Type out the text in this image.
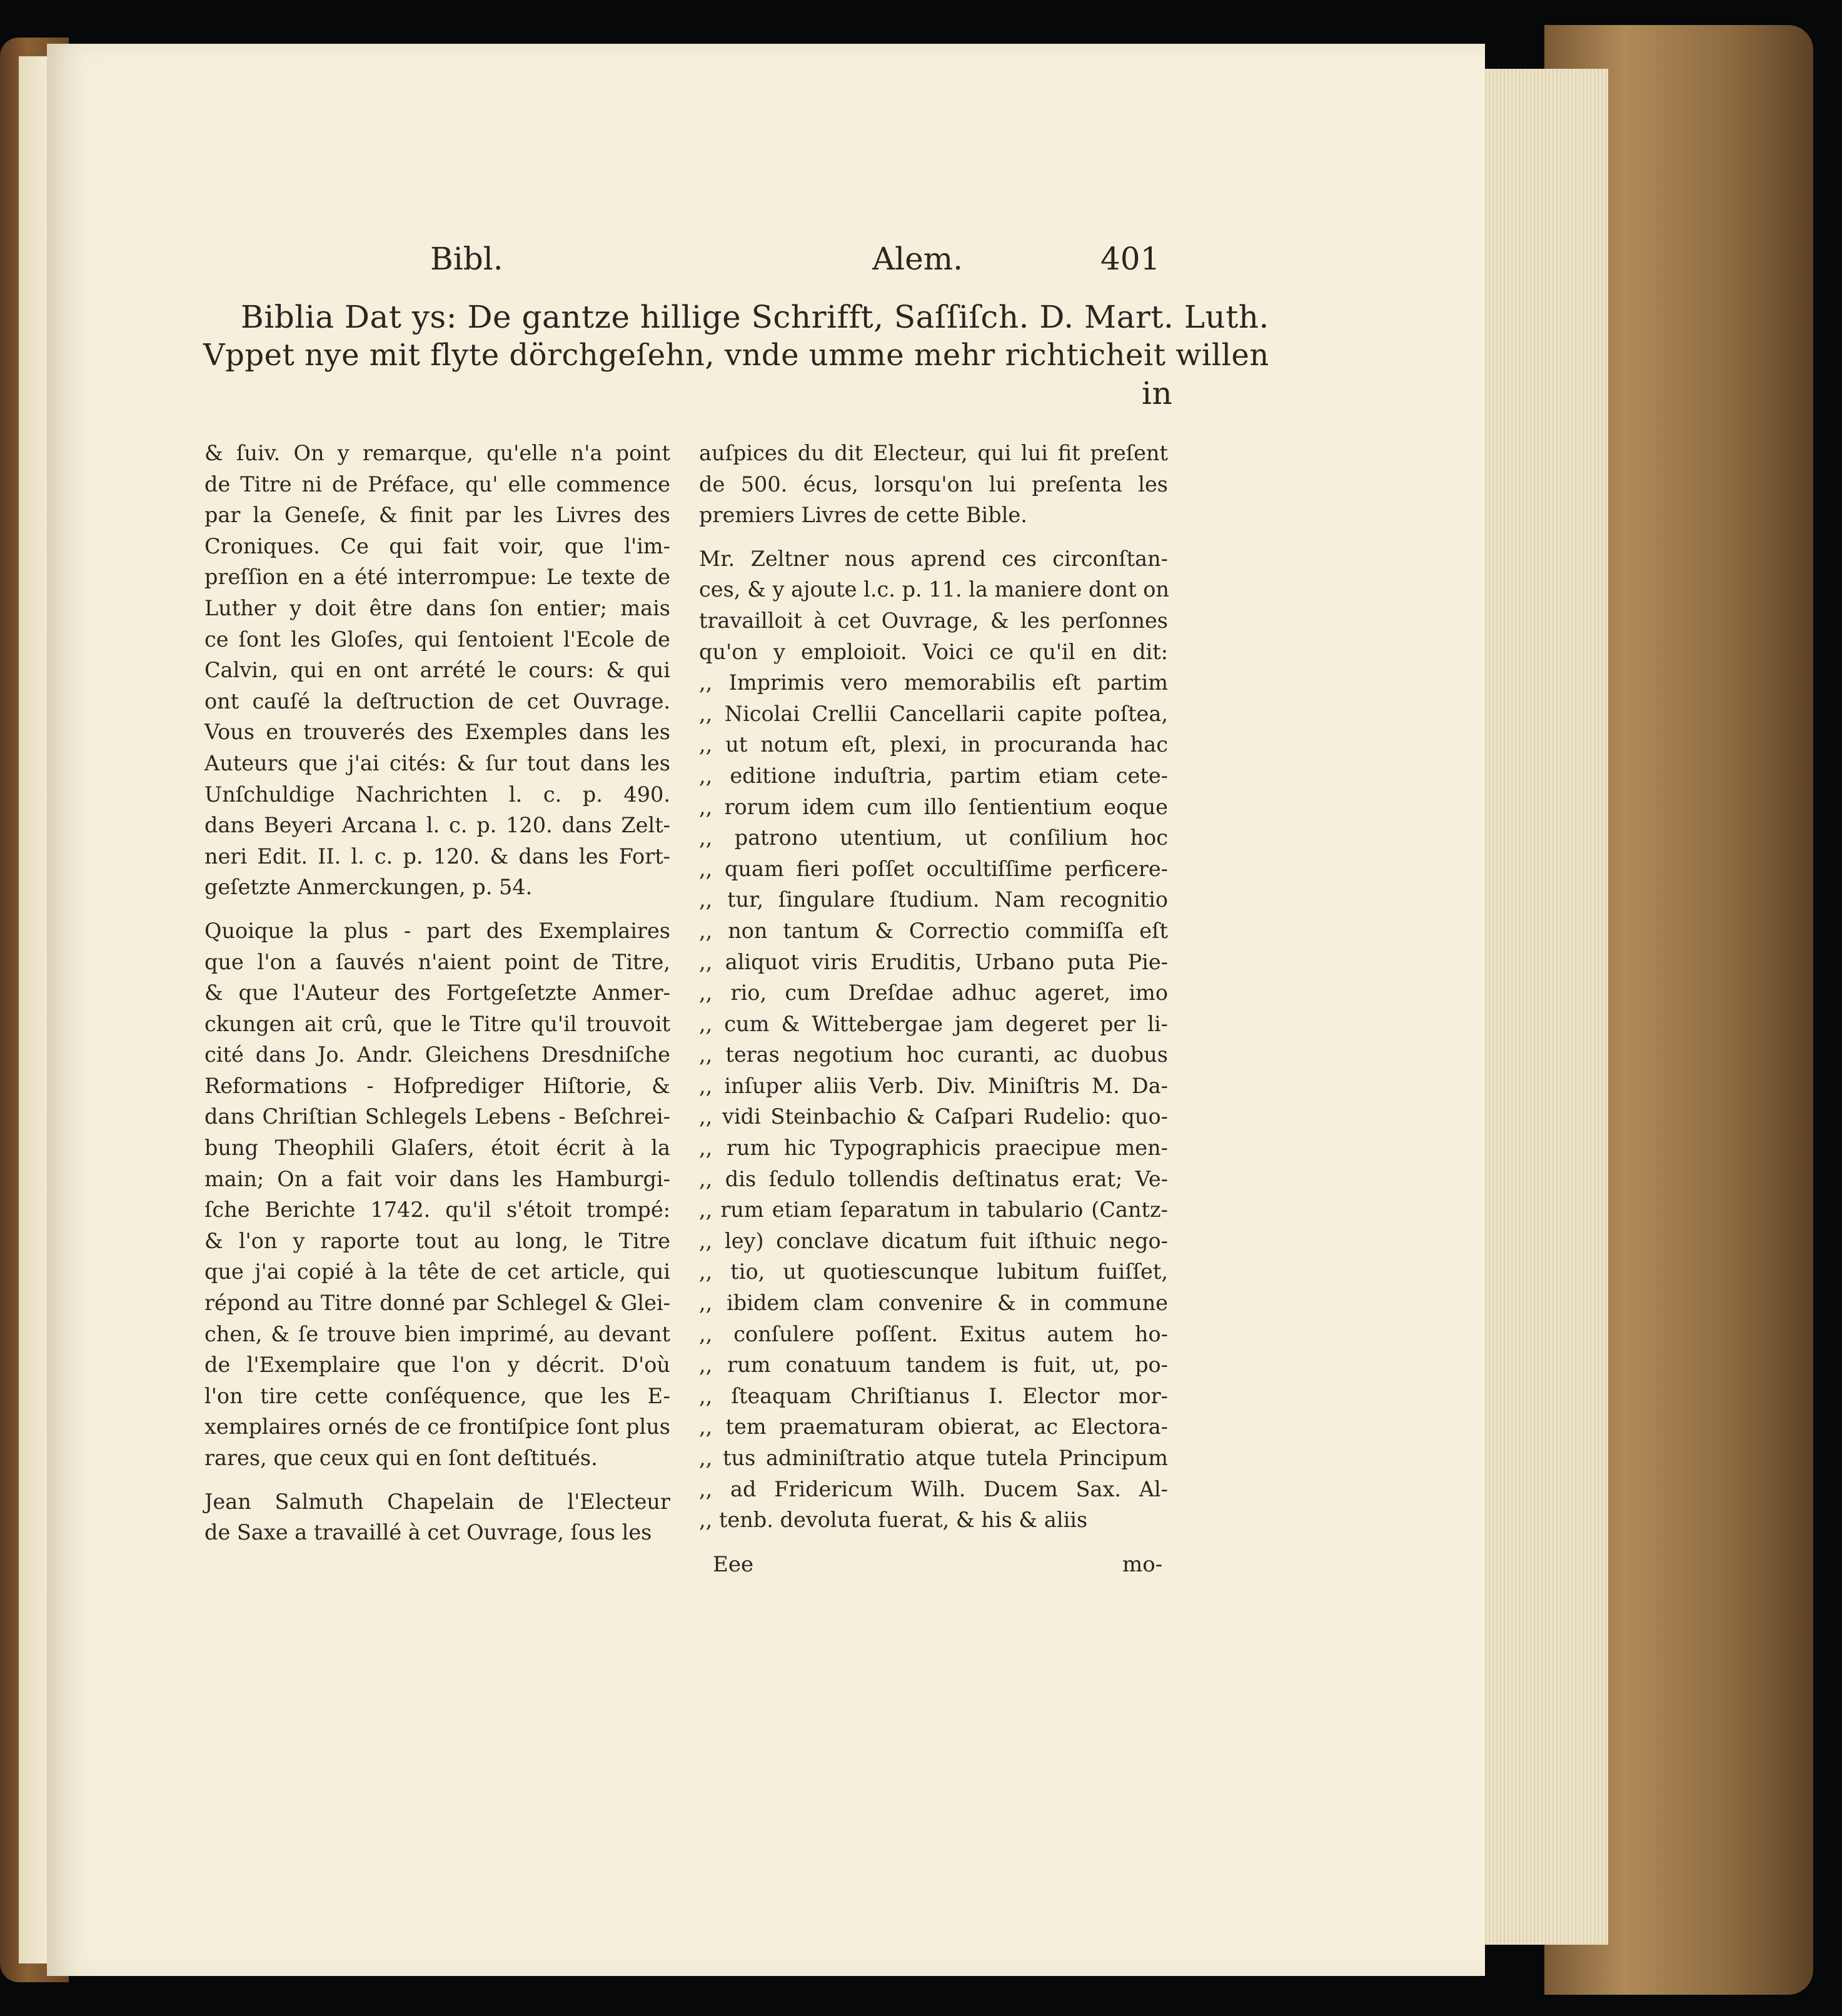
Bibl.	Alem.	401
Biblia Dat ys: De gantze hillige Schrifft, Saſſiſch. D. Mart. Luth.
Vppet nye mit flyte dörchgeſehn, vnde umme mehr richticheit willen
in
& ſuiv. On y remarque, qu'elle n'a point
de Titre ni de Préface, qu' elle commence
par la Geneſe, & finit par les Livres des
Croniques. Ce qui fait voir, que l'im-
preſſion en a été interrompue: Le texte de
Luther y doit être dans ſon entier; mais
ce ſont les Gloſes, qui ſentoient l'Ecole de
Calvin, qui en ont arrété le cours: & qui
ont cauſé la deſtruction de cet Ouvrage.
Vous en trouverés des Exemples dans les
Auteurs que j'ai cités: & ſur tout dans les
Unſchuldige Nachrichten l. c. p. 490.
dans Beyeri Arcana l. c. p. 120. dans Zelt-
neri Edit. II. l. c. p. 120. & dans les Fort-
geſetzte Anmerckungen, p. 54.
Quoique la plus - part des Exemplaires
que l'on a ſauvés n'aient point de Titre,
& que l'Auteur des Fortgeſetzte Anmer-
ckungen ait crû, que le Titre qu'il trouvoit
cité dans Jo. Andr. Gleichens Dresdniſche
Reformations - Hofprediger Hiſtorie, &
dans Chriſtian Schlegels Lebens - Beſchrei-
bung Theophili Glaſers, étoit écrit à la
main; On a fait voir dans les Hamburgi-
ſche Berichte 1742. qu'il s'étoit trompé:
& l'on y raporte tout au long, le Titre
que j'ai copié à la tête de cet article, qui
répond au Titre donné par Schlegel & Glei-
chen, & ſe trouve bien imprimé, au devant
de l'Exemplaire que l'on y décrit. D'où
l'on tire cette conſéquence, que les E-
xemplaires ornés de ce frontiſpice ſont plus
rares, que ceux qui en ſont deſtitués.
Jean Salmuth Chapelain de l'Electeur
de Saxe a travaillé à cet Ouvrage, ſous les
auſpices du dit Electeur, qui lui fit preſent
de 500. écus, lorsqu'on lui preſenta les
premiers Livres de cette Bible.
Mr. Zeltner nous aprend ces circonſtan-
ces, & y ajoute l.c. p. 11. la maniere dont on
travailloit à cet Ouvrage, & les perſonnes
qu'on y emploioit. Voici ce qu'il en dit:
,, Imprimis vero memorabilis eſt partim
,, Nicolai Crellii Cancellarii capite poſtea,
,, ut notum eſt, plexi, in procuranda hac
,, editione induſtria, partim etiam cete-
,, rorum idem cum illo ſentientium eoque
,, patrono utentium, ut conſilium hoc
,, quam fieri poſſet occultiſſime perficere-
,, tur, ſingulare ſtudium. Nam recognitio
,, non tantum & Correctio commiſſa eſt
,, aliquot viris Eruditis, Urbano puta Pie-
,, rio, cum Dreſdae adhuc ageret, imo
,, cum & Wittebergae jam degeret per li-
,, teras negotium hoc curanti, ac duobus
,, inſuper aliis Verb. Div. Miniſtris M. Da-
,, vidi Steinbachio & Caſpari Rudelio: quo-
,, rum hic Typographicis praecipue men-
,, dis ſedulo tollendis deſtinatus erat; Ve-
,, rum etiam ſeparatum in tabulario (Cantz-
,, ley) conclave dicatum fuit iſthuic nego-
,, tio, ut quotiescunque lubitum fuiſſet,
,, ibidem clam convenire & in commune
,, conſulere poſſent. Exitus autem ho-
,, rum conatuum tandem is fuit, ut, po-
,, ſteaquam Chriſtianus I. Elector mor-
,, tem praematuram obierat, ac Electora-
,, tus adminiſtratio atque tutela Principum
,, ad Fridericum Wilh. Ducem Sax. Al-
,, tenb. devoluta fuerat, & his & aliis
Eee	mo-
